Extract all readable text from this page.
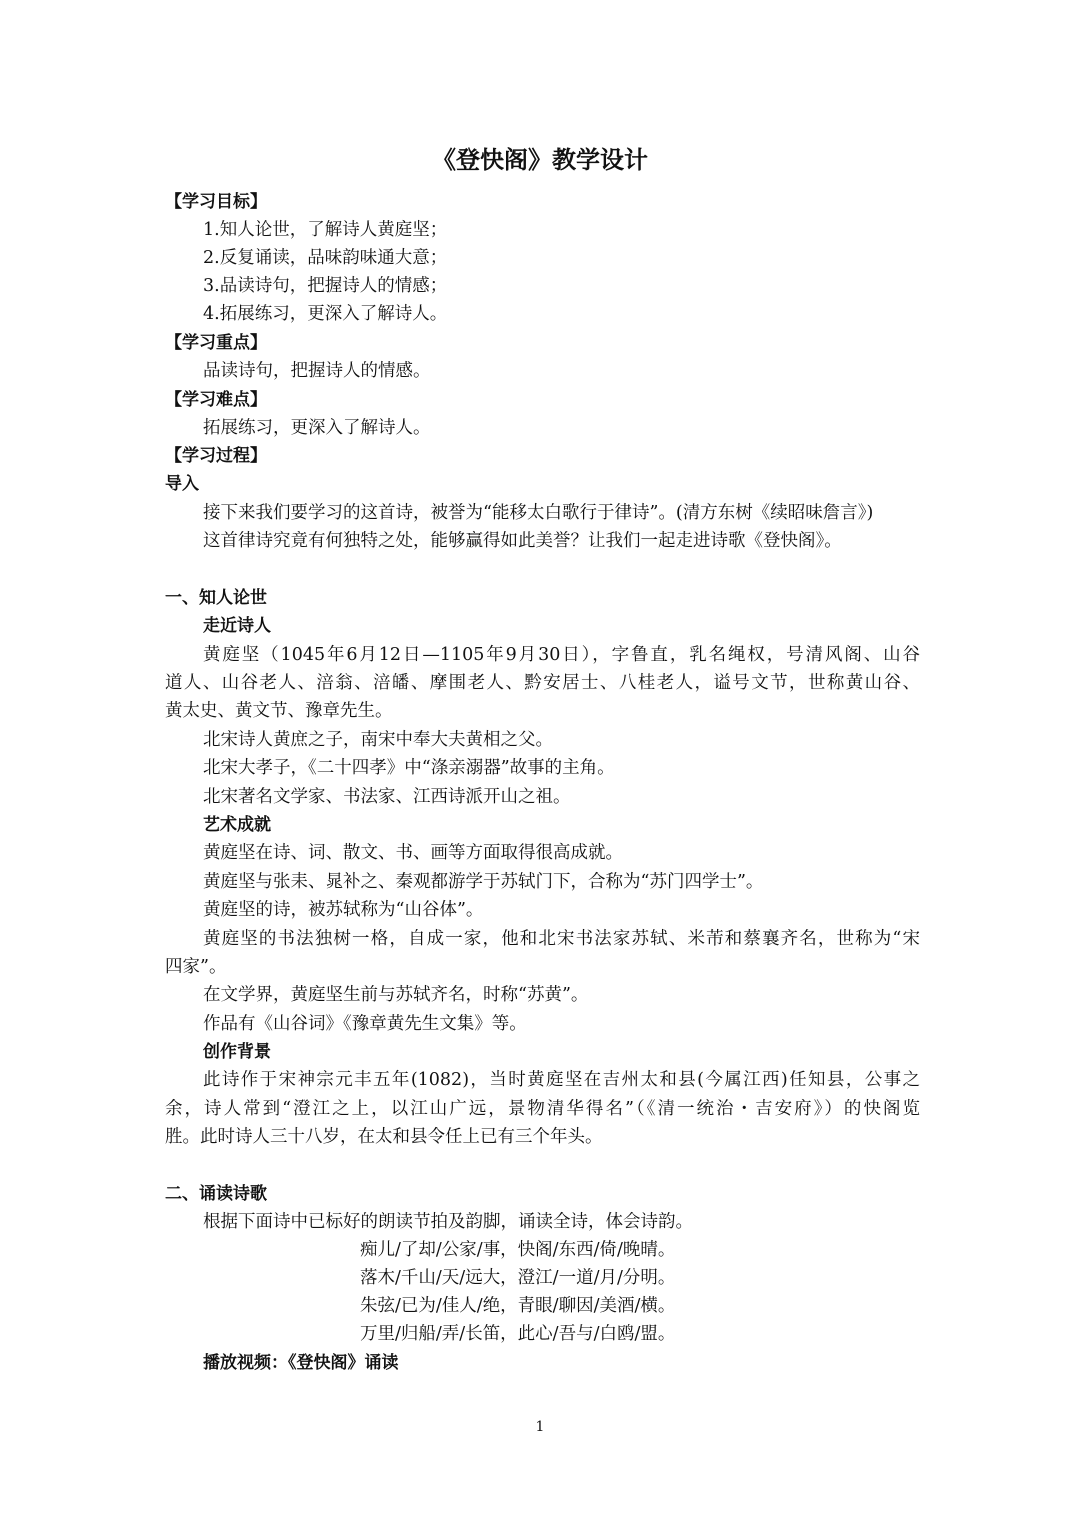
《登快阁》教学设计
【学习目标】
1.知人论世，了解诗人黄庭坚；
2.反复诵读，品味韵味通大意；
3.品读诗句，把握诗人的情感；
4.拓展练习，更深入了解诗人。
【学习重点】
品读诗句，把握诗人的情感。
【学习难点】
拓展练习，更深入了解诗人。
【学习过程】
导入
接下来我们要学习的这首诗，被誉为“能移太白歌行于律诗”。(清方东树《续昭味詹言》)
这首律诗究竟有何独特之处，能够赢得如此美誉？让我们一起走进诗歌《登快阁》。
一、知人论世
走近诗人
黄庭坚（1045年6月12日—1105年9月30日），字鲁直，乳名绳权，号清风阁、山谷
道人、山谷老人、涪翁、涪皤、摩围老人、黔安居士、八桂老人，谥号文节，世称黄山谷、
黄太史、黄文节、豫章先生。
北宋诗人黄庶之子，南宋中奉大夫黄相之父。
北宋大孝子，《二十四孝》中“涤亲溺器”故事的主角。
北宋著名文学家、书法家、江西诗派开山之祖。
艺术成就
黄庭坚在诗、词、散文、书、画等方面取得很高成就。
黄庭坚与张耒、晁补之、秦观都游学于苏轼门下，合称为“苏门四学士”。
黄庭坚的诗，被苏轼称为“山谷体”。
黄庭坚的书法独树一格，自成一家，他和北宋书法家苏轼、米芾和蔡襄齐名，世称为“宋
四家”。
在文学界，黄庭坚生前与苏轼齐名，时称“苏黄”。
作品有《山谷词》《豫章黄先生文集》等。
创作背景
此诗作于宋神宗元丰五年(1082)，当时黄庭坚在吉州太和县(今属江西)任知县，公事之
余，诗人常到“澄江之上，以江山广远，景物清华得名”（《清一统治・吉安府》）的快阁览
胜。此时诗人三十八岁，在太和县令任上已有三个年头。
二、诵读诗歌
根据下面诗中已标好的朗读节拍及韵脚，诵读全诗，体会诗韵。
痴儿/了却/公家/事，快阁/东西/倚/晚晴。
落木/千山/天/远大，澄江/一道/月/分明。
朱弦/已为/佳人/绝，青眼/聊因/美酒/横。
万里/归船/弄/长笛，此心/吾与/白鸥/盟。
播放视频：《登快阁》诵读
1
